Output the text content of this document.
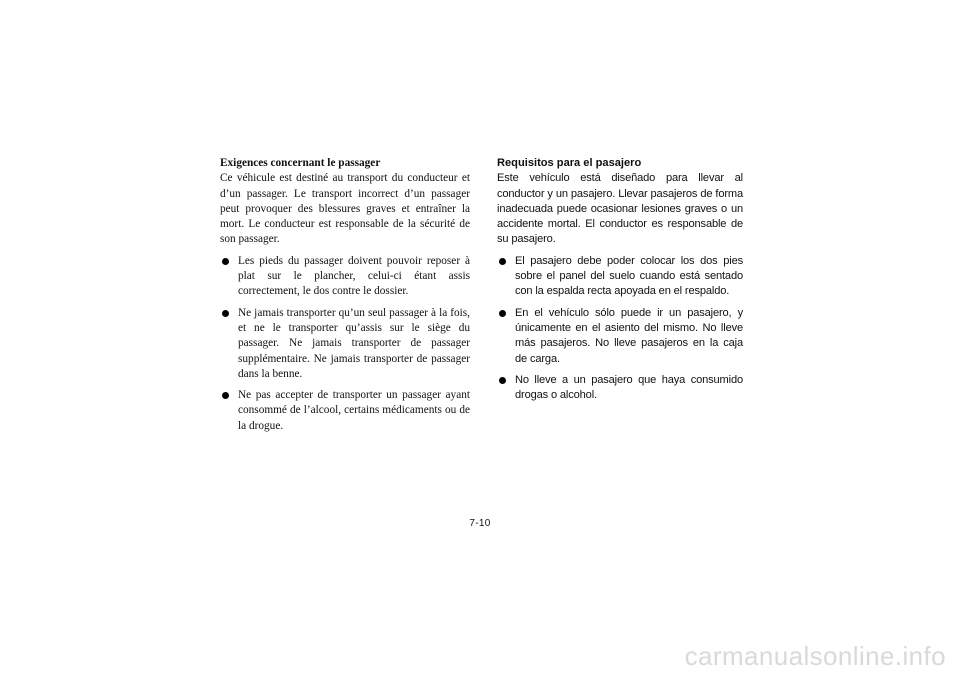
Exigences concernant le passager

Ce véhicule est destiné au transport du conducteur et d’un passager. Le transport incorrect d’un passager peut provoquer des blessures graves et entraîner la mort. Le conducteur est responsable de la sécurité de son passager.

Les pieds du passager doivent pouvoir reposer à plat sur le plancher, celui-ci étant assis correctement, le dos contre le dossier.
Ne jamais transporter qu’un seul passager à la fois, et ne le transporter qu’assis sur le siège du passager. Ne jamais transporter de passager supplémentaire. Ne jamais transporter de passager dans la benne.
Ne pas accepter de transporter un passager ayant consommé de l’alcool, certains médicaments ou de la drogue.

Requisitos para el pasajero

Este vehículo está diseñado para llevar al conductor y un pasajero. Llevar pasajeros de forma inadecuada puede ocasionar lesiones graves o un accidente mortal. El conductor es responsable de su pasajero.

El pasajero debe poder colocar los dos pies sobre el panel del suelo cuando está sentado con la espalda recta apoyada en el respaldo.
En el vehículo sólo puede ir un pasajero, y únicamente en el asiento del mismo. No lleve más pasajeros. No lleve pasajeros en la caja de carga.
No lleve a un pasajero que haya consumido drogas o alcohol.
7-10
carmanualsonline.info
